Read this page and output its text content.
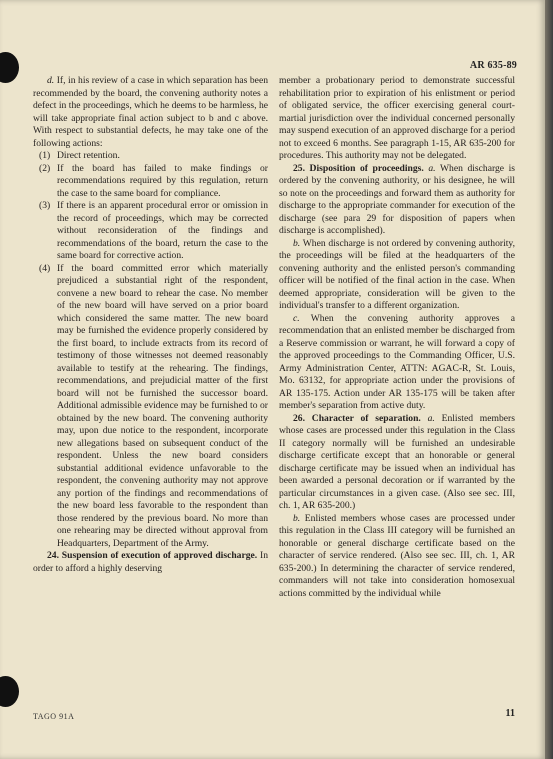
AR 635-89

d. If, in his review of a case in which separation has been recommended by the board, the convening authority notes a defect in the proceedings, which he deems to be harmless, he will take appropriate final action subject to b and c above. With respect to substantial defects, he may take one of the following actions:

(1) Direct retention.
(2) If the board has failed to make findings or recommendations required by this regulation, return the case to the same board for compliance.
(3) If there is an apparent procedural error or omission in the record of proceedings, which may be corrected without reconsideration of the findings and recommendations of the board, return the case to the same board for corrective action.
(4) If the board committed error which materially prejudiced a substantial right of the respondent, convene a new board to rehear the case. No member of the new board will have served on a prior board which considered the same matter. The new board may be furnished the evidence properly considered by the first board, to include extracts from its record of testimony of those witnesses not deemed reasonably available to testify at the rehearing. The findings, recommendations, and prejudicial matter of the first board will not be furnished the successor board. Additional admissible evidence may be furnished to or obtained by the new board. The convening authority may, upon due notice to the respondent, incorporate new allegations based on subsequent conduct of the respondent. Unless the new board considers substantial additional evidence unfavorable to the respondent, the convening authority may not approve any portion of the findings and recommendations of the new board less favorable to the respondent than those rendered by the previous board. No more than one rehearing may be directed without approval from Headquarters, Department of the Army.

24. Suspension of execution of approved discharge. In order to afford a highly deserving

member a probationary period to demonstrate successful rehabilitation prior to expiration of his enlistment or period of obligated service, the officer exercising general court-martial jurisdiction over the individual concerned personally may suspend execution of an approved discharge for a period not to exceed 6 months. See paragraph 1-15, AR 635-200 for procedures. This authority may not be delegated.

25. Disposition of proceedings. a. When discharge is ordered by the convening authority, or his designee, he will so note on the proceedings and forward them as authority for discharge to the appropriate commander for execution of the discharge (see para 29 for disposition of papers when discharge is accomplished).

b. When discharge is not ordered by convening authority, the proceedings will be filed at the headquarters of the convening authority and the enlisted person's commanding officer will be notified of the final action in the case. When deemed appropriate, consideration will be given to the individual's transfer to a different organization.

c. When the convening authority approves a recommendation that an enlisted member be discharged from a Reserve commission or warrant, he will forward a copy of the approved proceedings to the Commanding Officer, U.S. Army Administration Center, ATTN: AGAC-R, St. Louis, Mo. 63132, for appropriate action under the provisions of AR 135-175. Action under AR 135-175 will be taken after member's separation from active duty.

26. Character of separation. a. Enlisted members whose cases are processed under this regulation in the Class II category normally will be furnished an undesirable discharge certificate except that an honorable or general discharge certificate may be issued when an individual has been awarded a personal decoration or if warranted by the particular circumstances in a given case. (Also see sec. III, ch. 1, AR 635-200.)

b. Enlisted members whose cases are processed under this regulation in the Class III category will be furnished an honorable or general discharge certificate based on the character of service rendered. (Also see sec. III, ch. 1, AR 635-200.) In determining the character of service rendered, commanders will not take into consideration homosexual actions committed by the individual while

TAGO 91A	11
